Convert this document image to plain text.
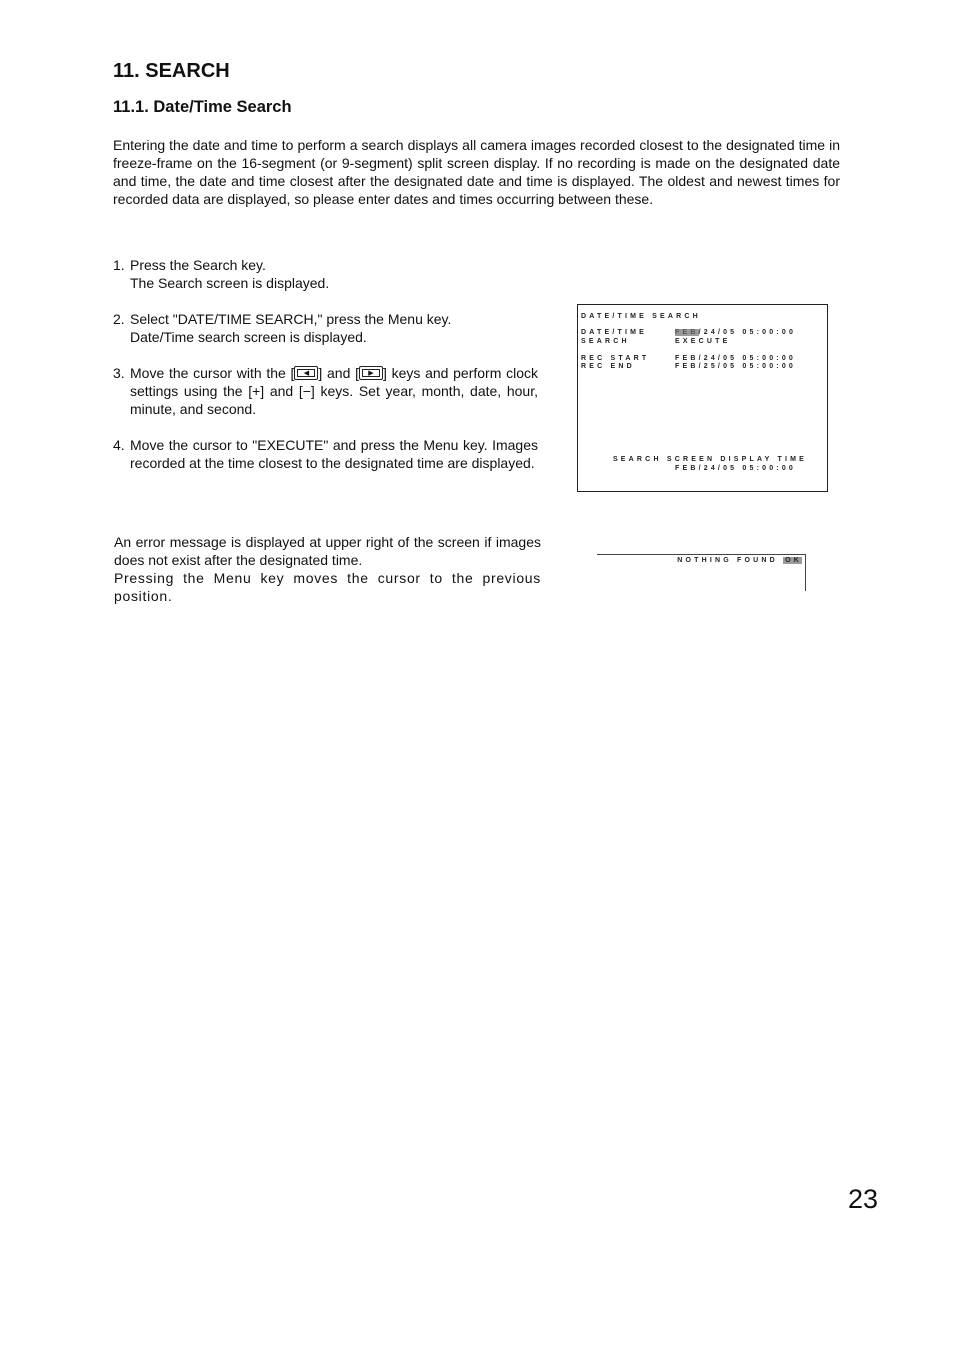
11. SEARCH
11.1. Date/Time Search

Entering the date and time to perform a search displays all camera images recorded closest to the designated time in freeze-frame on the 16-segment (or 9-segment) split screen display. If no recording is made on the designated date and time, the date and time closest after the designated date and time is displayed. The oldest and newest times for recorded data are displayed, so please enter dates and times occurring between these.

1. Press the Search key.

The Search screen is displayed.

2. Select "DATE/TIME SEARCH," press the Menu key.

Date/Time search screen is displayed.

3. Move the cursor with the [	◀ ] and [	▶ ] keys and perform clock settings using the [+] and [−] keys. Set year, month, date, hour, minute, and second.

4. Move the cursor to "EXECUTE" and press the Menu key. Images recorded at the time closest to the designated time are displayed.

An error message is displayed at upper right of the screen if images does not exist after the designated time.

Pressing the Menu key moves the cursor to the previous position.

DATE/TIME SEARCH
DATE/TIME	FEB/24/05 05:00:00
SEARCH	EXECUTE
REC START	FEB/24/05 05:00:00
REC END	FEB/25/05 05:00:00
SEARCH SCREEN DISPLAY TIME
FEB/24/05 05:00:00
NOTHING FOUND OK
23
